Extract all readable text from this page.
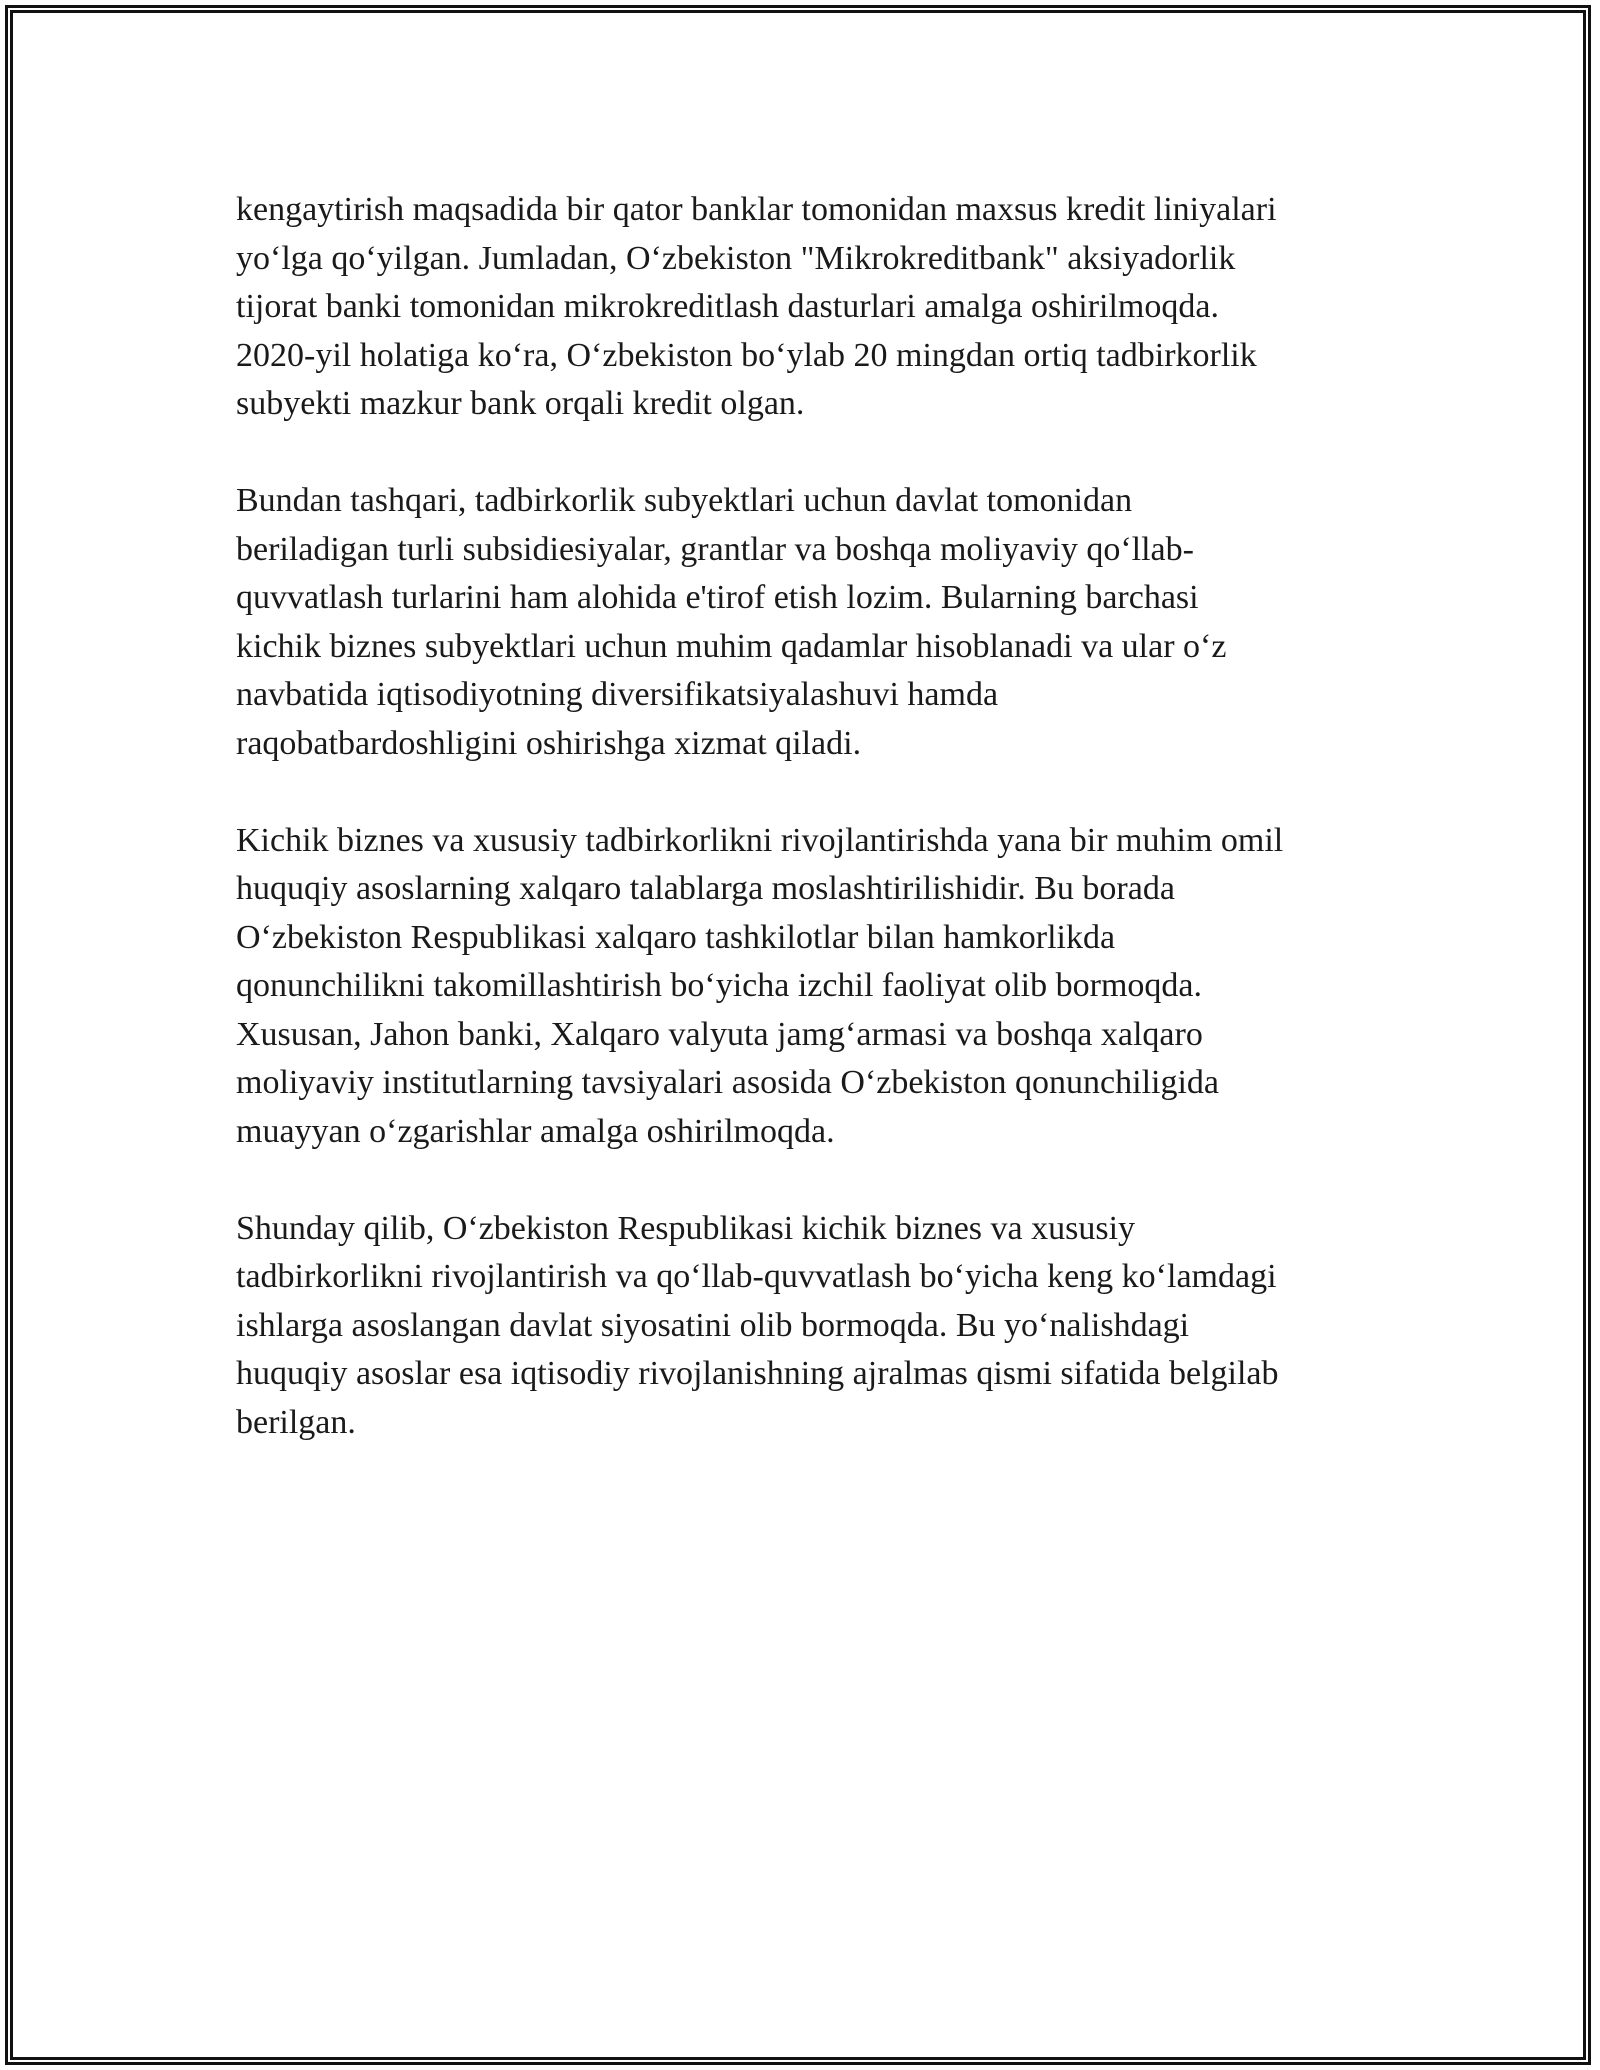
kengaytirish maqsadida bir qator banklar tomonidan maxsus kredit liniyalari
yo‘lga qo‘yilgan. Jumladan, O‘zbekiston "Mikrokreditbank" aksiyadorlik
tijorat banki tomonidan mikrokreditlash dasturlari amalga oshirilmoqda.
2020-yil holatiga ko‘ra, O‘zbekiston bo‘ylab 20 mingdan ortiq tadbirkorlik
subyekti mazkur bank orqali kredit olgan.

Bundan tashqari, tadbirkorlik subyektlari uchun davlat tomonidan
beriladigan turli subsidiesiyalar, grantlar va boshqa moliyaviy qo‘llab-
quvvatlash turlarini ham alohida e'tirof etish lozim. Bularning barchasi
kichik biznes subyektlari uchun muhim qadamlar hisoblanadi va ular o‘z
navbatida iqtisodiyotning diversifikatsiyalashuvi hamda
raqobatbardoshligini oshirishga xizmat qiladi.

Kichik biznes va xususiy tadbirkorlikni rivojlantirishda yana bir muhim omil
huquqiy asoslarning xalqaro talablarga moslashtirilishidir. Bu borada
O‘zbekiston Respublikasi xalqaro tashkilotlar bilan hamkorlikda
qonunchilikni takomillashtirish bo‘yicha izchil faoliyat olib bormoqda.
Xususan, Jahon banki, Xalqaro valyuta jamg‘armasi va boshqa xalqaro
moliyaviy institutlarning tavsiyalari asosida O‘zbekiston qonunchiligida
muayyan o‘zgarishlar amalga oshirilmoqda.

Shunday qilib, O‘zbekiston Respublikasi kichik biznes va xususiy
tadbirkorlikni rivojlantirish va qo‘llab-quvvatlash bo‘yicha keng ko‘lamdagi
ishlarga asoslangan davlat siyosatini olib bormoqda. Bu yo‘nalishdagi
huquqiy asoslar esa iqtisodiy rivojlanishning ajralmas qismi sifatida belgilab
berilgan.
